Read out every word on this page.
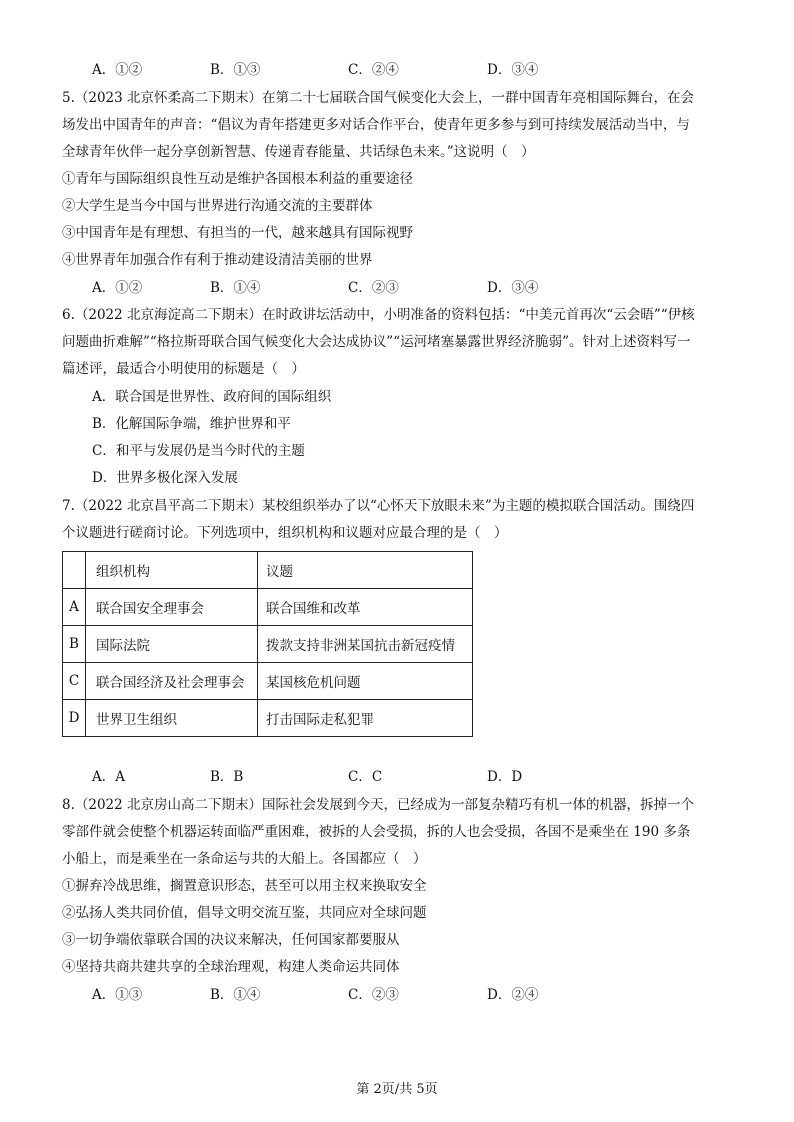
A．①②	B．①③	C．②④	D．③④
5.（2023 北京怀柔高二下期末）在第二十七届联合国气候变化大会上，一群中国青年亮相国际舞台，在会
场发出中国青年的声音：“倡议为青年搭建更多对话合作平台，使青年更多参与到可持续发展活动当中，与
全球青年伙伴一起分享创新智慧、传递青春能量、共话绿色未来。”这说明（　）
①青年与国际组织良性互动是维护各国根本利益的重要途径
②大学生是当今中国与世界进行沟通交流的主要群体
③中国青年是有理想、有担当的一代，越来越具有国际视野
④世界青年加强合作有利于推动建设清洁美丽的世界
A．①②	B．①④	C．②③	D．③④
6.（2022 北京海淀高二下期末）在时政讲坛活动中，小明准备的资料包括：“中美元首再次“云会晤”“伊核
问题曲折难解”“格拉斯哥联合国气候变化大会达成协议”“运河堵塞暴露世界经济脆弱”。针对上述资料写一
篇述评，最适合小明使用的标题是（　）
A．联合国是世界性、政府间的国际组织
B．化解国际争端，维护世界和平
C．和平与发展仍是当今时代的主题
D．世界多极化深入发展
7.（2022 北京昌平高二下期末）某校组织举办了以“心怀天下放眼未来”为主题的模拟联合国活动。围绕四
个议题进行磋商讨论。下列选项中，组织机构和议题对应最合理的是（　）
	组织机构	议题
A	联合国安全理事会	联合国维和改革
B	国际法院	拨款支持非洲某国抗击新冠疫情
C	联合国经济及社会理事会	某国核危机问题
D	世界卫生组织	打击国际走私犯罪
A．A	B．B	C．C	D．D
8.（2022 北京房山高二下期末）国际社会发展到今天，已经成为一部复杂精巧有机一体的机器，拆掉一个
零部件就会使整个机器运转面临严重困难，被拆的人会受损，拆的人也会受损，各国不是乘坐在 190 多条
小船上，而是乘坐在一条命运与共的大船上。各国都应（　）
①摒弃冷战思维，搁置意识形态，甚至可以用主权来换取安全
②弘扬人类共同价值，倡导文明交流互鉴，共同应对全球问题
③一切争端依靠联合国的决议来解决，任何国家都要服从
④坚持共商共建共享的全球治理观，构建人类命运共同体
A．①③	B．①④	C．②③	D．②④
第 2页/共 5页
